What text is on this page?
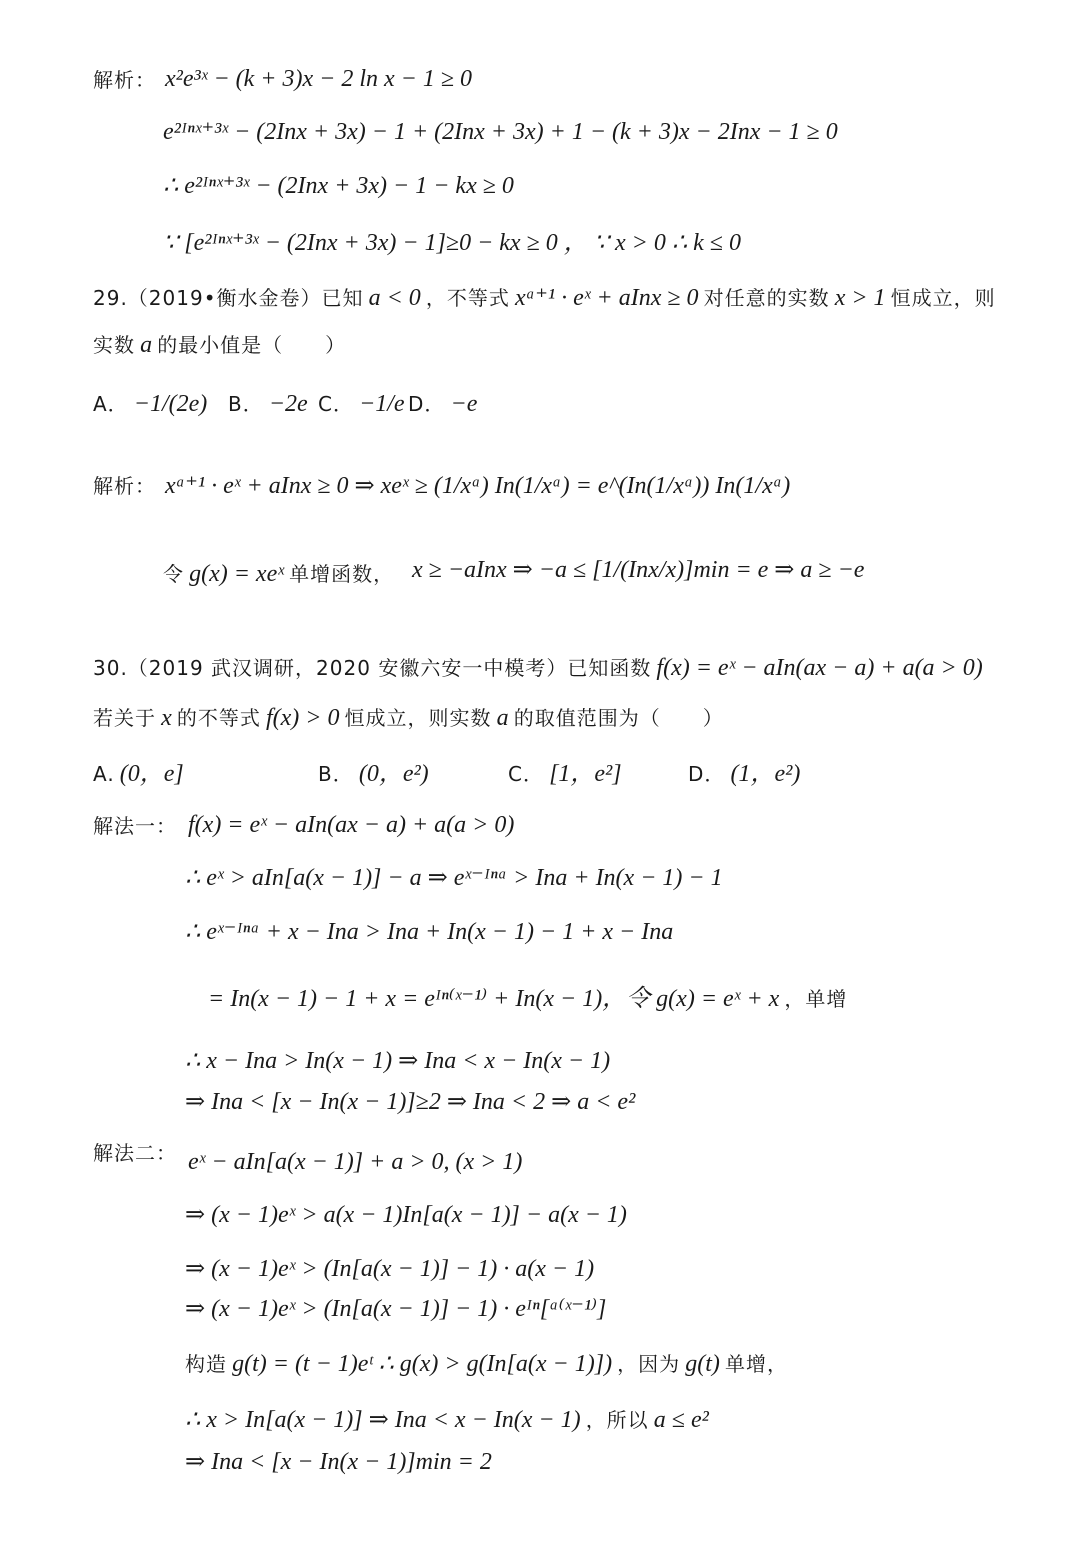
解析： x²e³ˣ − (k + 3)x − 2 ln x − 1 ≥ 0
e²ᴵⁿˣ⁺³ˣ − (2Inx + 3x) − 1 + (2Inx + 3x) + 1 − (k + 3)x − 2Inx − 1 ≥ 0
∴ e²ᴵⁿˣ⁺³ˣ − (2Inx + 3x) − 1 − kx ≥ 0
∵ [e²ᴵⁿˣ⁺³ˣ − (2Inx + 3x) − 1]≥0 − kx ≥ 0 ， ∵ x > 0 ∴ k ≤ 0
29.（2019•衡水金卷）已知 a < 0 ，不等式 xᵃ⁺¹ · eˣ + aInx ≥ 0 对任意的实数 x > 1 恒成立，则
实数 a 的最小值是（　　）
A． −1/(2e) B． −2e C． −1/e D． −e
解析： xᵃ⁺¹ · eˣ + aInx ≥ 0 ⇒ xeˣ ≥ (1/xᵃ) In(1/xᵃ) = e^(In(1/xᵃ)) In(1/xᵃ)
令 g(x) = xeˣ 单增函数， x ≥ −aInx ⇒ −a ≤ [1/(Inx/x)]min = e ⇒ a ≥ −e
30.（2019 武汉调研，2020 安徽六安一中模考）已知函数 f(x) = eˣ − aIn(ax − a) + a(a > 0)
若关于 x 的不等式 f(x) > 0 恒成立，则实数 a 的取值范围为（　　）
A. (0，e]	B． (0，e²)	C． [1，e²]	D． (1，e²)
解法一： f(x) = eˣ − aIn(ax − a) + a(a > 0)
∴ eˣ > aIn[a(x − 1)] − a ⇒ eˣ⁻ᴵⁿᵃ > Ina + In(x − 1) − 1
∴ eˣ⁻ᴵⁿᵃ + x − Ina > Ina + In(x − 1) − 1 + x − Ina
= In(x − 1) − 1 + x = eᴵⁿ⁽ˣ⁻¹⁾ + In(x − 1)，令 g(x) = eˣ + x ，单增
∴ x − Ina > In(x − 1) ⇒ Ina < x − In(x − 1)
⇒ Ina < [x − In(x − 1)]≥2 ⇒ Ina < 2 ⇒ a < e²
解法二： eˣ − aIn[a(x − 1)] + a > 0, (x > 1)
⇒ (x − 1)eˣ > a(x − 1)In[a(x − 1)] − a(x − 1)
⇒ (x − 1)eˣ > (In[a(x − 1)] − 1) · a(x − 1)
⇒ (x − 1)eˣ > (In[a(x − 1)] − 1) · eᴵⁿ[ᵃ⁽ˣ⁻¹⁾]
构造 g(t) = (t − 1)eᵗ ∴ g(x) > g(In[a(x − 1)]) ，因为 g(t) 单增，
∴ x > In[a(x − 1)] ⇒ Ina < x − In(x − 1) ，所以 a ≤ e²
⇒ Ina < [x − In(x − 1)]min = 2
